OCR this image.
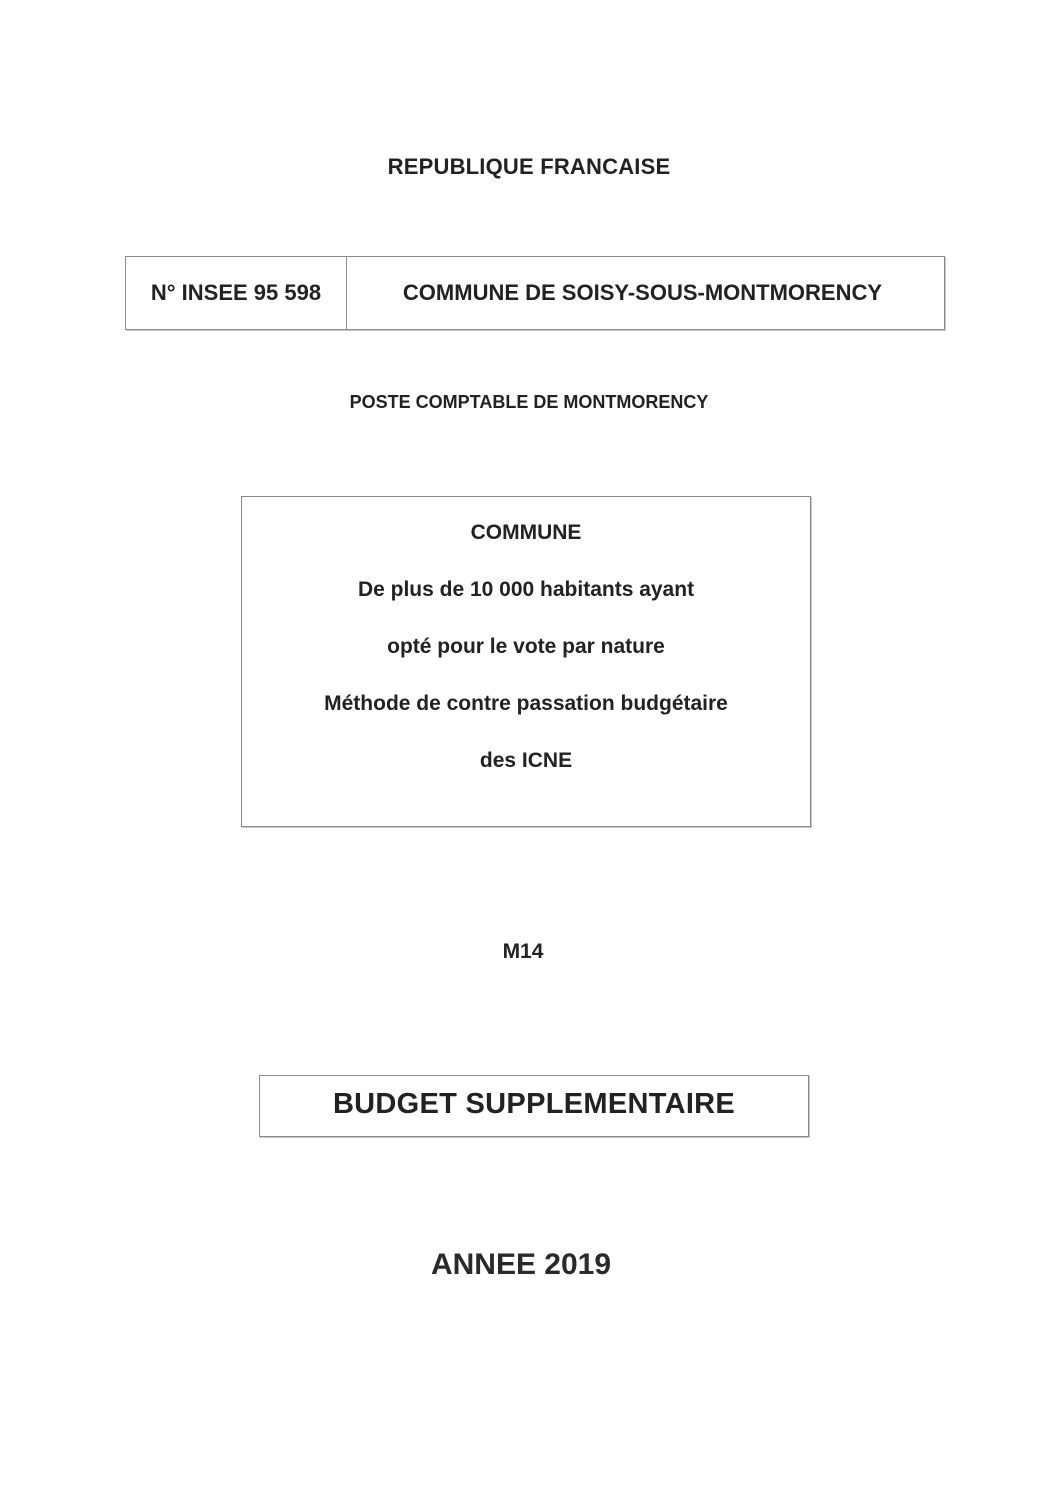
REPUBLIQUE FRANCAISE
N° INSEE 95 598	COMMUNE DE SOISY-SOUS-MONTMORENCY
POSTE COMPTABLE DE MONTMORENCY
COMMUNE
De plus de 10 000 habitants ayant
opté pour le vote par nature
Méthode de contre passation budgétaire
des ICNE
M14
BUDGET SUPPLEMENTAIRE
ANNEE 2019
